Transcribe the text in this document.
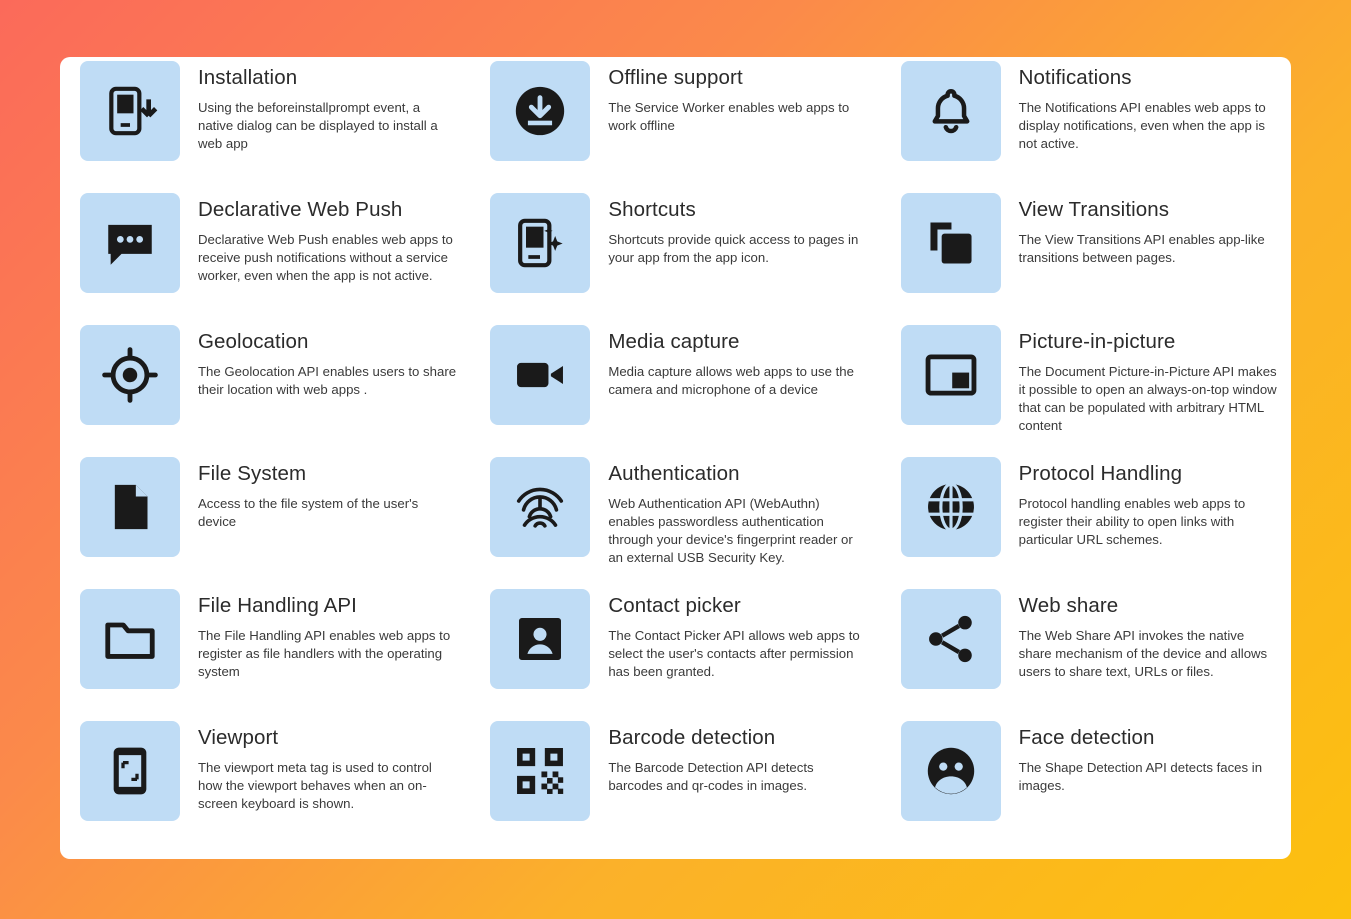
Installation
Using the beforeinstallprompt event, a native dialog can be displayed to install a web app
Offline support
The Service Worker enables web apps to work offline
Notifications
The Notifications API enables web apps to display notifications, even when the app is not active.
Declarative Web Push
Declarative Web Push enables web apps to receive push notifications without a service worker, even when the app is not active.
Shortcuts
Shortcuts provide quick access to pages in your app from the app icon.
View Transitions
The View Transitions API enables app-like transitions between pages.
Geolocation
The Geolocation API enables users to share their location with web apps .
Media capture
Media capture allows web apps to use the camera and microphone of a device
Picture-in-picture
The Document Picture-in-Picture API makes it possible to open an always-on-top window that can be populated with arbitrary HTML content
File System
Access to the file system of the user's device
Authentication
Web Authentication API (WebAuthn) enables passwordless authentication through your device's fingerprint reader or an external USB Security Key.
Protocol Handling
Protocol handling enables web apps to register their ability to open links with particular URL schemes.
File Handling API
The File Handling API enables web apps to register as file handlers with the operating system
Contact picker
The Contact Picker API allows web apps to select the user's contacts after permission has been granted.
Web share
The Web Share API invokes the native share mechanism of the device and allows users to share text, URLs or files.
Viewport
The viewport meta tag is used to control how the viewport behaves when an on-screen keyboard is shown.
Barcode detection
The Barcode Detection API detects barcodes and qr-codes in images.
Face detection
The Shape Detection API detects faces in images.
